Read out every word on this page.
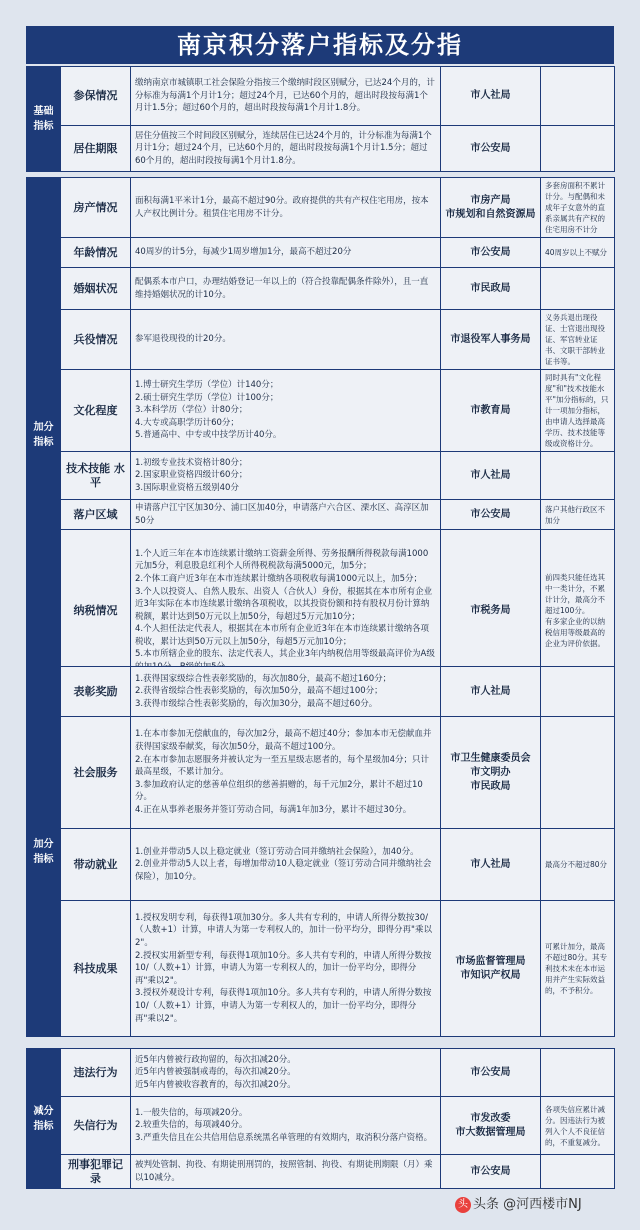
南京积分落户指标及分指
基础指标	参保情况	缴纳南京市城镇职工社会保险分指按三个缴纳时段区别赋分，已达24个月的，计分标准为每满1个月计1分；超过24个月，已达60个月的，超出时段按每满1个月计1.5分；超过60个月的，超出时段按每满1个月计1.8分。	市人社局	
	居住期限	居住分值按三个时间段区别赋分，连续居住已达24个月的，计分标准为每满1个月计1分；超过24个月，已达60个月的，超出时段按每满1个月计1.5分；超过60个月的，超出时段按每满1个月计1.8分。	市公安局	
加分指标	房产情况	面积每满1平米计1分，最高不超过90分。政府提供的共有产权住宅用房，按本人产权比例计分。租赁住宅用房不计分。	市房产局
市规划和自然资源局	多套房面积不累计计分。与配偶和未成年子女意外的直系亲属共有产权的住宅用房不计分
	年龄情况	40周岁的计5分，每减少1周岁增加1分，最高不超过20分	市公安局	40周岁以上不赋分
	婚姻状况	配偶系本市户口，办理结婚登记一年以上的（符合投靠配偶条件除外），且一直维持婚姻状况的计10分。	市民政局	
	兵役情况	参军退役现役的计20分。	市退役军人事务局	义务兵退出现役证、士官退出现役证、军官转业证书、文职干部转业证书等。
	文化程度	1.博士研究生学历（学位）计140分；
2.硕士研究生学历（学位）计100分；
3.本科学历（学位）计80分；
4.大专或高职学历计60分；
5.普通高中、中专或中技学历计40分。	市教育局	同时具有"文化程度"和"技术技能水平"加分指标的，只计一项加分指标，由申请人选择最高学历、技术技能等级或资格计分。
	技术技能 水平	1.初级专业技术资格计80分；
2.国家职业资格四级计60分；
3.国际职业资格五级别40分	市人社局	
	落户区域	申请落户江宁区加30分、浦口区加40分，申请落户六合区、溧水区、高淳区加50分	市公安局	落户其他行政区不加分
	纳税情况	1.个人近三年在本市连续累计缴纳工资薪金所得、劳务报酬所得税款每满1000元加5分，利息股息红利个人所得税税款每满5000元，加5分；
2.个体工商户近3年在本市连续累计缴纳各项税收每满1000元以上，加5分；
3.个人以投资人、自然人股东、出资人（合伙人）身份，根据其在本市所有企业近3年实际在本市连续累计缴纳各项税收，以其投资份额和持有股权月份计算纳税额，累计达到50万元以上加50分，每超过5万元加10分；
4.个人担任法定代表人，根据其在本市所有企业近3年在本市连续累计缴纳各项税收，累计达到50万元以上加50分，每超5万元加10分；
5.本市所辖企业的股东、法定代表人，其企业3年内纳税信用等级最高评价为A级	市税务局	前四类只能任选其中一类计分，不累计计分，最高分不超过100分。
有多家企业的以纳税信用等级最高的企业为评价依据。
加分指标	表彰奖励	1.获得国家级综合性表彰奖励的，每次加80分，最高不超过160分；
2.获得省级综合性表彰奖励的，每次加50分，最高不超过100分；
3.获得市级综合性表彰奖励的，每次加30分，最高不超过60分。	市人社局	
	社会服务	1.在本市参加无偿献血的，每次加2分，最高不超过40分；参加本市无偿献血并获得国家级奉献奖，每次加50分，最高不超过100分。
2.在本市参加志愿服务并被认定为一至五星级志愿者的，每个星级加4分；只计最高星级，不累计加分。
3.参加政府认定的慈善单位组织的慈善捐赠的，每千元加2分，累计不超过10分。
4.正在从事养老服务并签订劳动合同，每满1年加3分，累计不超过30分。	市卫生健康委员会
市文明办
市民政局	
	带动就业	1.创业并带动5人以上稳定就业（签订劳动合同并缴纳社会保险），加40分。
2.创业并带动5人以上者，每增加带动10人稳定就业（签订劳动合同并缴纳社会保险），加10分。	市人社局	最高分不超过80分
	科技成果	1.授权发明专利，每获得1项加30分。多人共有专利的，申请人所得分数按30/（人数+1）计算，申请人为第一专利权人的，加计一份平均分，即得分再"乘以2"。
2.授权实用新型专利，每获得1项加10分。多人共有专利的，申请人所得分数按10/（人数+1）计算，申请人为第一专利权人的，加计一份平均分，即得分再"乘以2"。
3.授权外观设计专利，每获得1项加10分。多人共有专利的，申请人所得分数按10/（人数+1）计算，申请人为第一专利权人的，加计一份平均分，即得分再"乘以2"。	市场监督管理局
市知识产权局	可累计加分，最高不超过80分。其专利技术未在本市运用并产生实际效益的，不予积分。
减分指标	违法行为	近5年内曾被行政拘留的，每次扣减20分。
近5年内曾被强制戒毒的，每次扣减20分。
近5年内曾被收容教育的，每次扣减20分。	市公安局	
	失信行为	1.一般失信的，每项减20分。
2.较重失信的，每项减40分。
3.严重失信且在公共信用信息系统黑名单管理的有效期内，取消积分落户资格。	市发改委
市大数据管理局	各项失信应累计减分。因违法行为被列入个人不良征信的，不重复减分。
	刑事犯罪记录	被判处管制、拘役、有期徒刑刑罚的，按照管制、拘役、有期徒刑期限（月）乘以10减分。	市公安局	
头 头条 @河西楼市NJ
